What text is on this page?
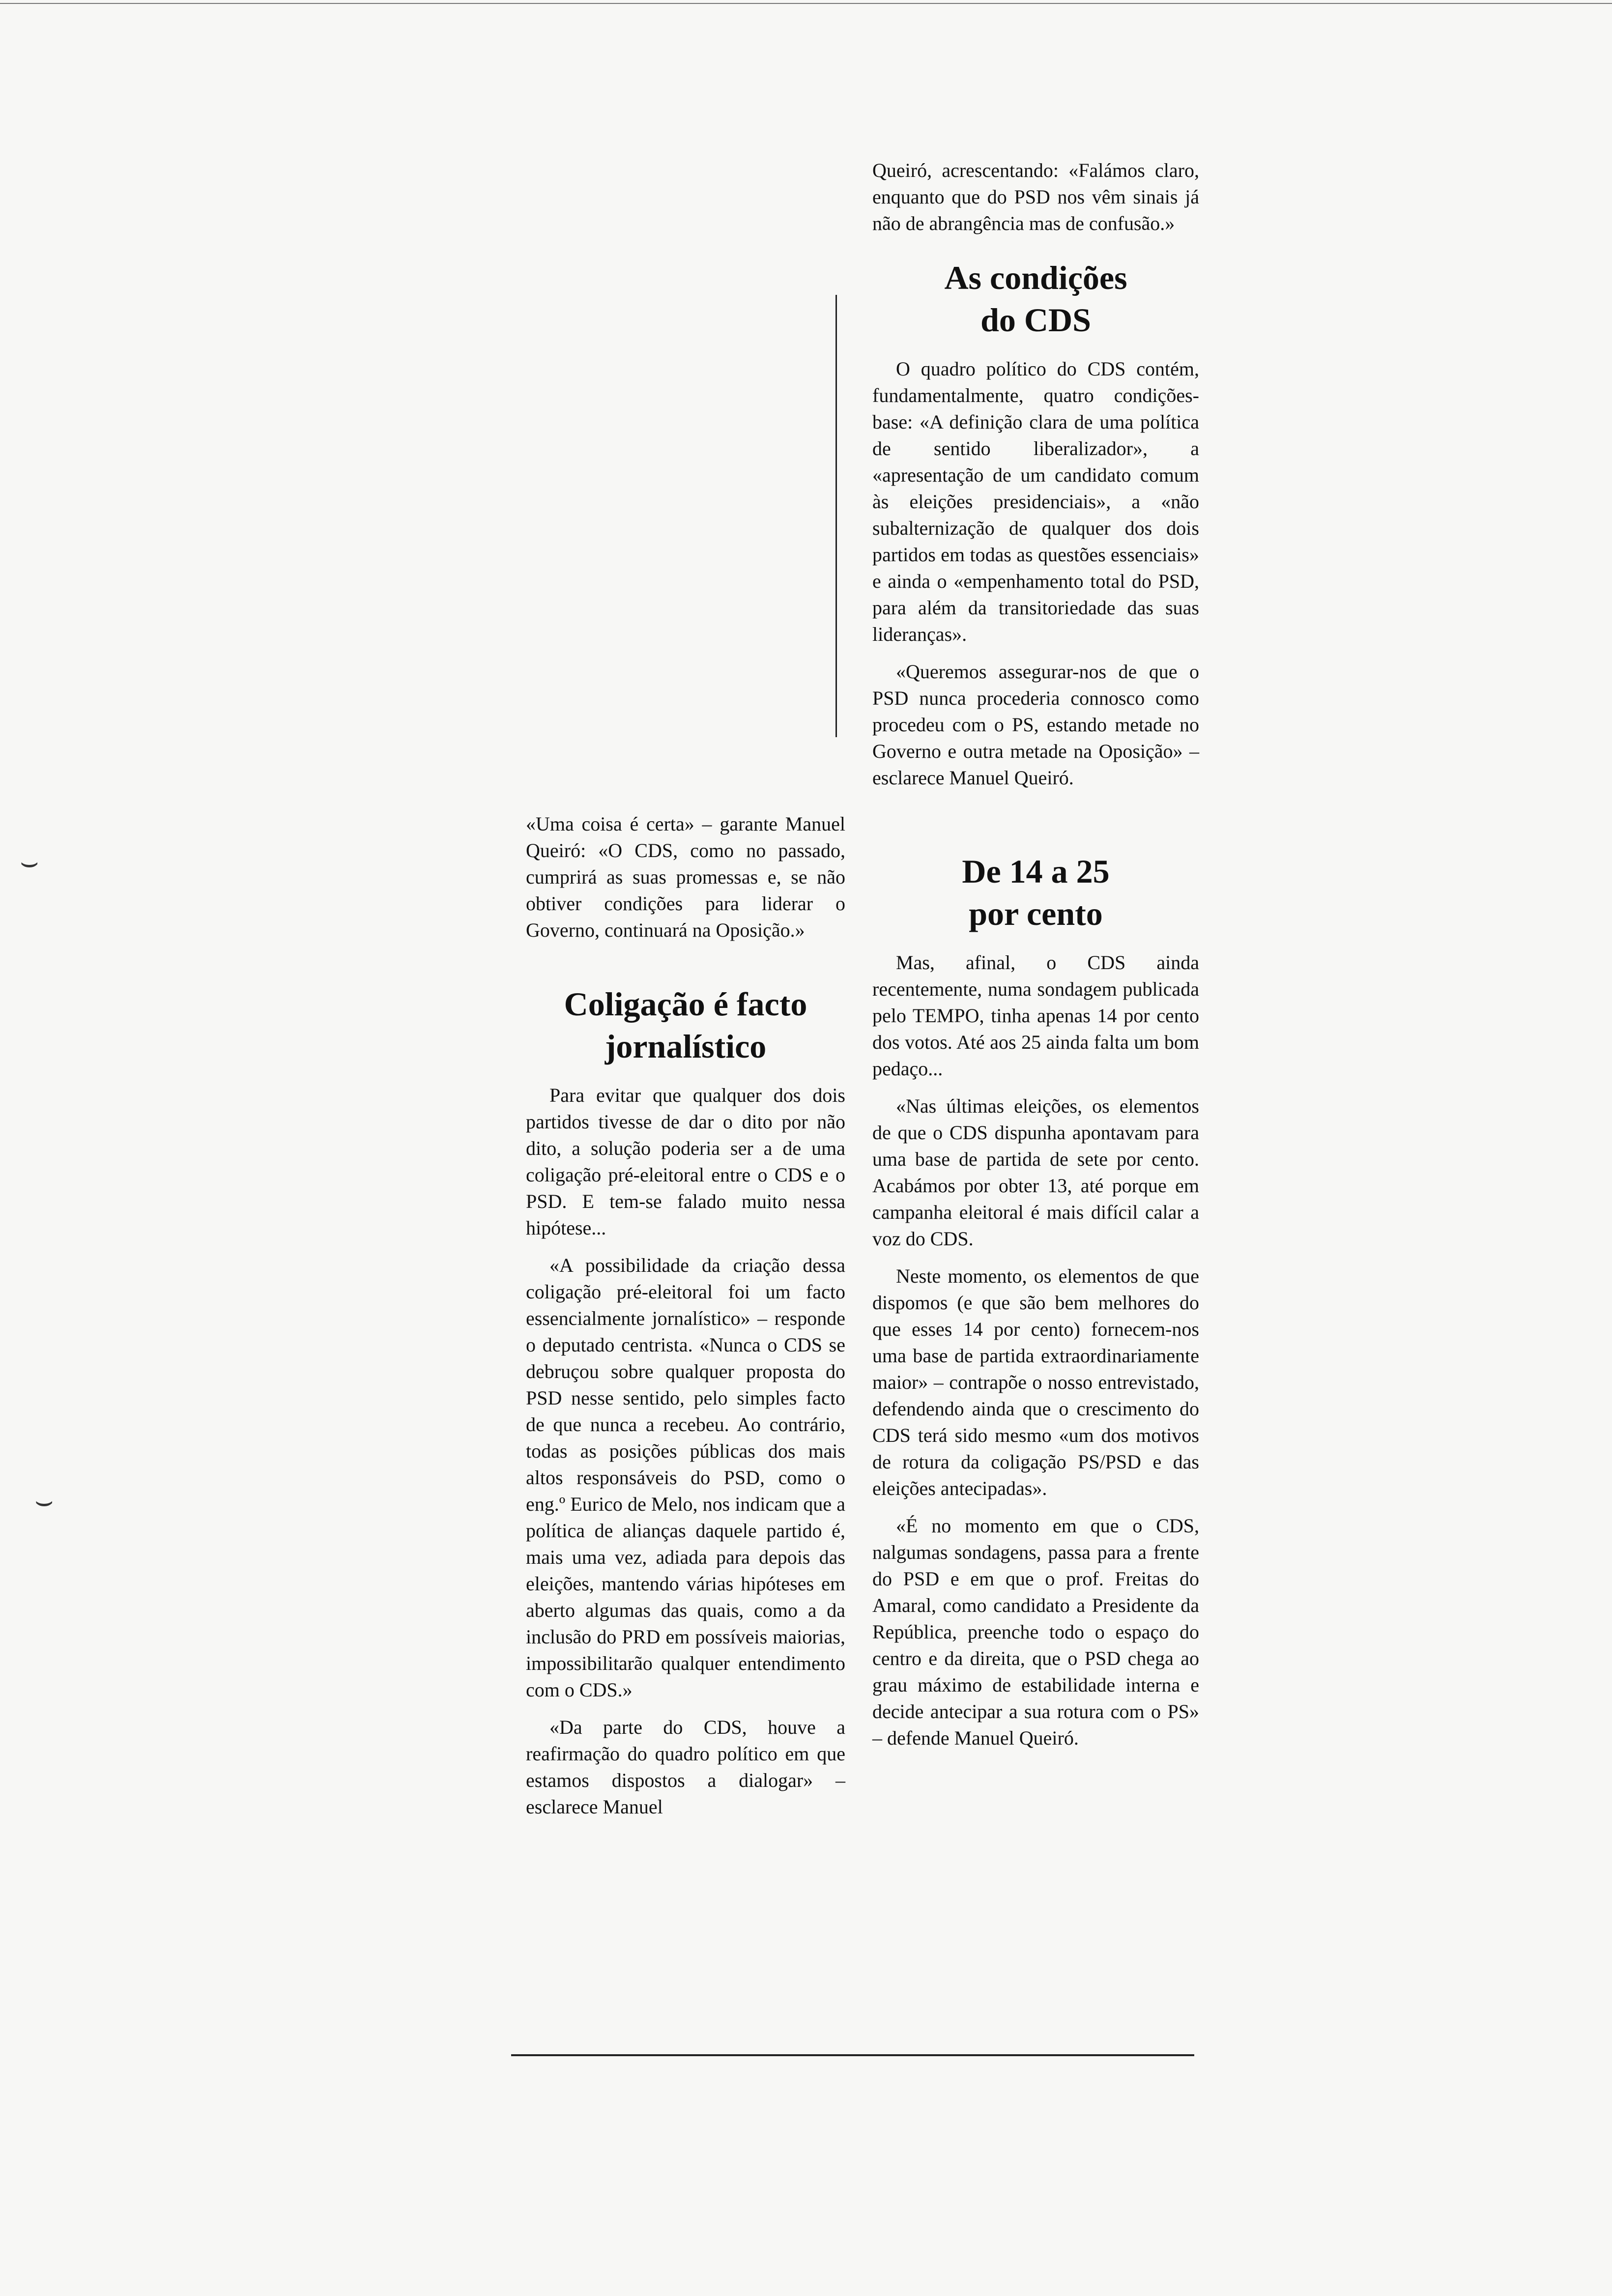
⌣
⌣

«Uma coisa é certa» – garante Manuel Queiró: «O CDS, como no passado, cumprirá as suas promessas e, se não obtiver condições para liderar o Governo, continuará na Oposição.»

Coligação é facto
jornalístico

Para evitar que qualquer dos dois partidos tivesse de dar o dito por não dito, a solução poderia ser a de uma coligação pré-eleitoral entre o CDS e o PSD. E tem-se falado muito nessa hipótese...

«A possibilidade da criação dessa coligação pré-eleitoral foi um facto essencialmente jornalístico» – responde o deputado centrista. «Nunca o CDS se debruçou sobre qualquer proposta do PSD nesse sentido, pelo simples facto de que nunca a recebeu. Ao contrário, todas as posições públicas dos mais altos responsáveis do PSD, como o eng.º Eurico de Melo, nos indicam que a política de alianças daquele partido é, mais uma vez, adiada para depois das eleições, mantendo várias hipóteses em aberto algumas das quais, como a da inclusão do PRD em possíveis maiorias, impossibilitarão qualquer entendimento com o CDS.»

«Da parte do CDS, houve a reafirmação do quadro político em que estamos dispostos a dialogar» – esclarece Manuel

Queiró, acrescentando: «Falámos claro, enquanto que do PSD nos vêm sinais já não de abrangência mas de confusão.»

As condições
do CDS

O quadro político do CDS contém, fundamentalmente, quatro condições-base: «A definição clara de uma política de sentido liberalizador», a «apresentação de um candidato comum às eleições presidenciais», a «não subalternização de qualquer dos dois partidos em todas as questões essenciais» e ainda o «empenhamento total do PSD, para além da transitoriedade das suas lideranças».

«Queremos assegurar-nos de que o PSD nunca procederia connosco como procedeu com o PS, estando metade no Governo e outra metade na Oposição» – esclarece Manuel Queiró.

De 14 a 25
por cento

Mas, afinal, o CDS ainda recentemente, numa sondagem publicada pelo TEMPO, tinha apenas 14 por cento dos votos. Até aos 25 ainda falta um bom pedaço...

«Nas últimas eleições, os elementos de que o CDS dispunha apontavam para uma base de partida de sete por cento. Acabámos por obter 13, até porque em campanha eleitoral é mais difícil calar a voz do CDS.

Neste momento, os elementos de que dispomos (e que são bem melhores do que esses 14 por cento) fornecem-nos uma base de partida extraordinariamente maior» – contrapõe o nosso entrevistado, defendendo ainda que o crescimento do CDS terá sido mesmo «um dos motivos de rotura da coligação PS/PSD e das eleições antecipadas».

«É no momento em que o CDS, nalgumas sondagens, passa para a frente do PSD e em que o prof. Freitas do Amaral, como candidato a Presidente da República, preenche todo o espaço do centro e da direita, que o PSD chega ao grau máximo de estabilidade interna e decide antecipar a sua rotura com o PS» – defende Manuel Queiró.
